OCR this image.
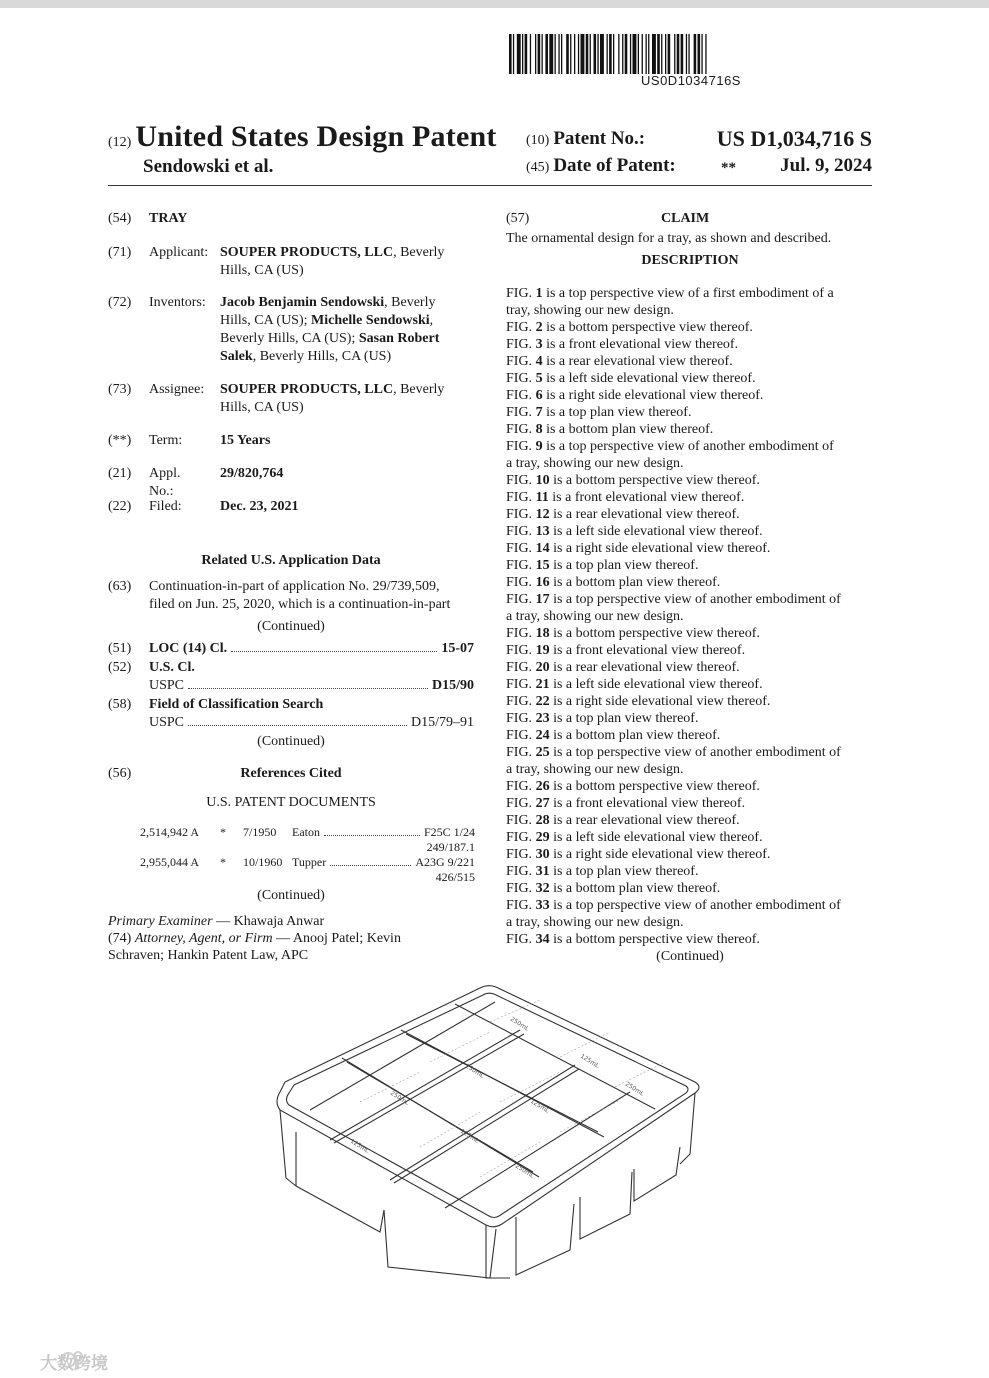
US0D1034716S
(12) United States Design Patent
Sendowski et al.
(10) Patent No.:	US D1,034,716 S
(45) Date of Patent:	** Jul. 9, 2024
(54)	TRAY
(71)	Applicant: SOUPER PRODUCTS, LLC, Beverly
Hills, CA (US)
(72)	Inventors: Jacob Benjamin Sendowski, Beverly
Hills, CA (US); Michelle Sendowski,
Beverly Hills, CA (US); Sasan Robert
Salek, Beverly Hills, CA (US)
(73)	Assignee: SOUPER PRODUCTS, LLC, Beverly
Hills, CA (US)
(**)	Term:	15 Years
(21)	Appl. No.:
29/820,764
(22)	Filed:	Dec. 23, 2021
Related U.S. Application Data
(63)	Continuation-in-part of application No. 29/739,509,
filed on Jun. 25, 2020, which is a continuation-in-part
(Continued)
(51)	LOC (14) Cl.	15-07
(52)	U.S. Cl.
USPC	D15/90
(58)	Field of Classification Search
USPC	D15/79–91
(Continued)
(56)	References Cited
U.S. PATENT DOCUMENTS
2,514,942 A * 7/1950 Eaton	F25C 1/24
249/187.1
2,955,044 A * 10/1960 Tupper	A23G 9/221
426/515
(Continued)
Primary Examiner — Khawaja Anwar
(74) Attorney, Agent, or Firm — Anooj Patel; Kevin
Schraven; Hankin Patent Law, APC
(57)	CLAIM
The ornamental design for a tray, as shown and described.
DESCRIPTION
FIG. 1 is a top perspective view of a first embodiment of a
tray, showing our new design.
FIG. 2 is a bottom perspective view thereof.
FIG. 3 is a front elevational view thereof.
FIG. 4 is a rear elevational view thereof.
FIG. 5 is a left side elevational view thereof.
FIG. 6 is a right side elevational view thereof.
FIG. 7 is a top plan view thereof.
FIG. 8 is a bottom plan view thereof.
FIG. 9 is a top perspective view of another embodiment of
a tray, showing our new design.
FIG. 10 is a bottom perspective view thereof.
FIG. 11 is a front elevational view thereof.
FIG. 12 is a rear elevational view thereof.
FIG. 13 is a left side elevational view thereof.
FIG. 14 is a right side elevational view thereof.
FIG. 15 is a top plan view thereof.
FIG. 16 is a bottom plan view thereof.
FIG. 17 is a top perspective view of another embodiment of
a tray, showing our new design.
FIG. 18 is a bottom perspective view thereof.
FIG. 19 is a front elevational view thereof.
FIG. 20 is a rear elevational view thereof.
FIG. 21 is a left side elevational view thereof.
FIG. 22 is a right side elevational view thereof.
FIG. 23 is a top plan view thereof.
FIG. 24 is a bottom plan view thereof.
FIG. 25 is a top perspective view of another embodiment of
a tray, showing our new design.
FIG. 26 is a bottom perspective view thereof.
FIG. 27 is a front elevational view thereof.
FIG. 28 is a rear elevational view thereof.
FIG. 29 is a left side elevational view thereof.
FIG. 30 is a right side elevational view thereof.
FIG. 31 is a top plan view thereof.
FIG. 32 is a bottom plan view thereof.
FIG. 33 is a top perspective view of another embodiment of
a tray, showing our new design.
FIG. 34 is a bottom perspective view thereof.
(Continued)
250mL
125mL
250mL
125mL
250mL
125mL
125mL
250mL
250mL
大数跨境
